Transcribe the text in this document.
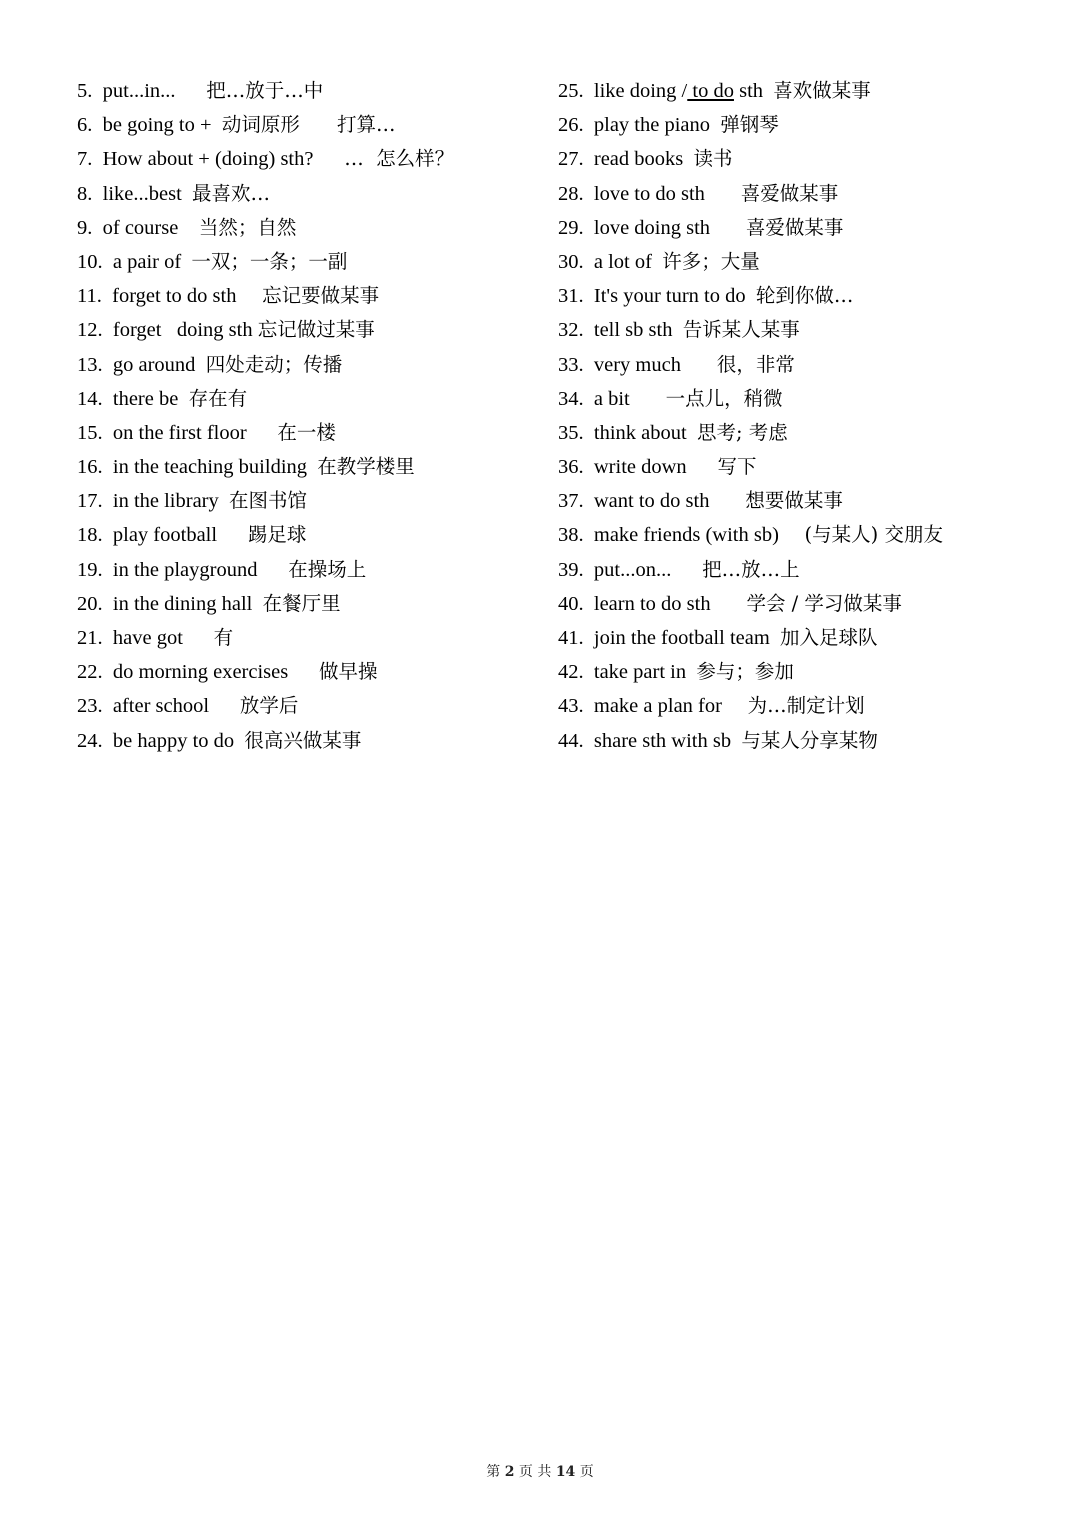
5. put...in... 把…放于…中
6. be going to + 动词原形      打算…
7. How about + (doing) sth? …  怎么样？
8. like...best 最喜欢…
9. of course 当然；自然
10. a pair of 一双；一条；一副
11. forget to do sth 忘记要做某事
12. forget   doing sth 忘记做过某事
13. go around 四处走动；传播
14. there be 存在有
15. on the first floor 在一楼
16. in the teaching building 在教学楼里
17. in the library 在图书馆
18. play football 踢足球
19. in the playground 在操场上
20. in the dining hall 在餐厅里
21. have got 有
22. do morning exercises 做早操
23. after school 放学后
24. be happy to do 很高兴做某事
25. like doing / to do sth 喜欢做某事
26. play the piano 弹钢琴
27. read books 读书
28. love to do sth 喜爱做某事
29. love doing sth 喜爱做某事
30. a lot of 许多；大量
31. It's your turn to do 轮到你做…
32. tell sb sth 告诉某人某事
33. very much 很，非常
34. a bit 一点儿，稍微
35. think about 思考; 考虑
36. write down 写下
37. want to do sth 想要做某事
38. make friends (with sb) (与某人) 交朋友
39. put...on... 把…放…上
40. learn to do sth 学会 / 学习做某事
41. join the football team 加入足球队
42. take part in 参与；参加
43. make a plan for 为…制定计划
44. share sth with sb 与某人分享某物
第 2 页 共 14 页
